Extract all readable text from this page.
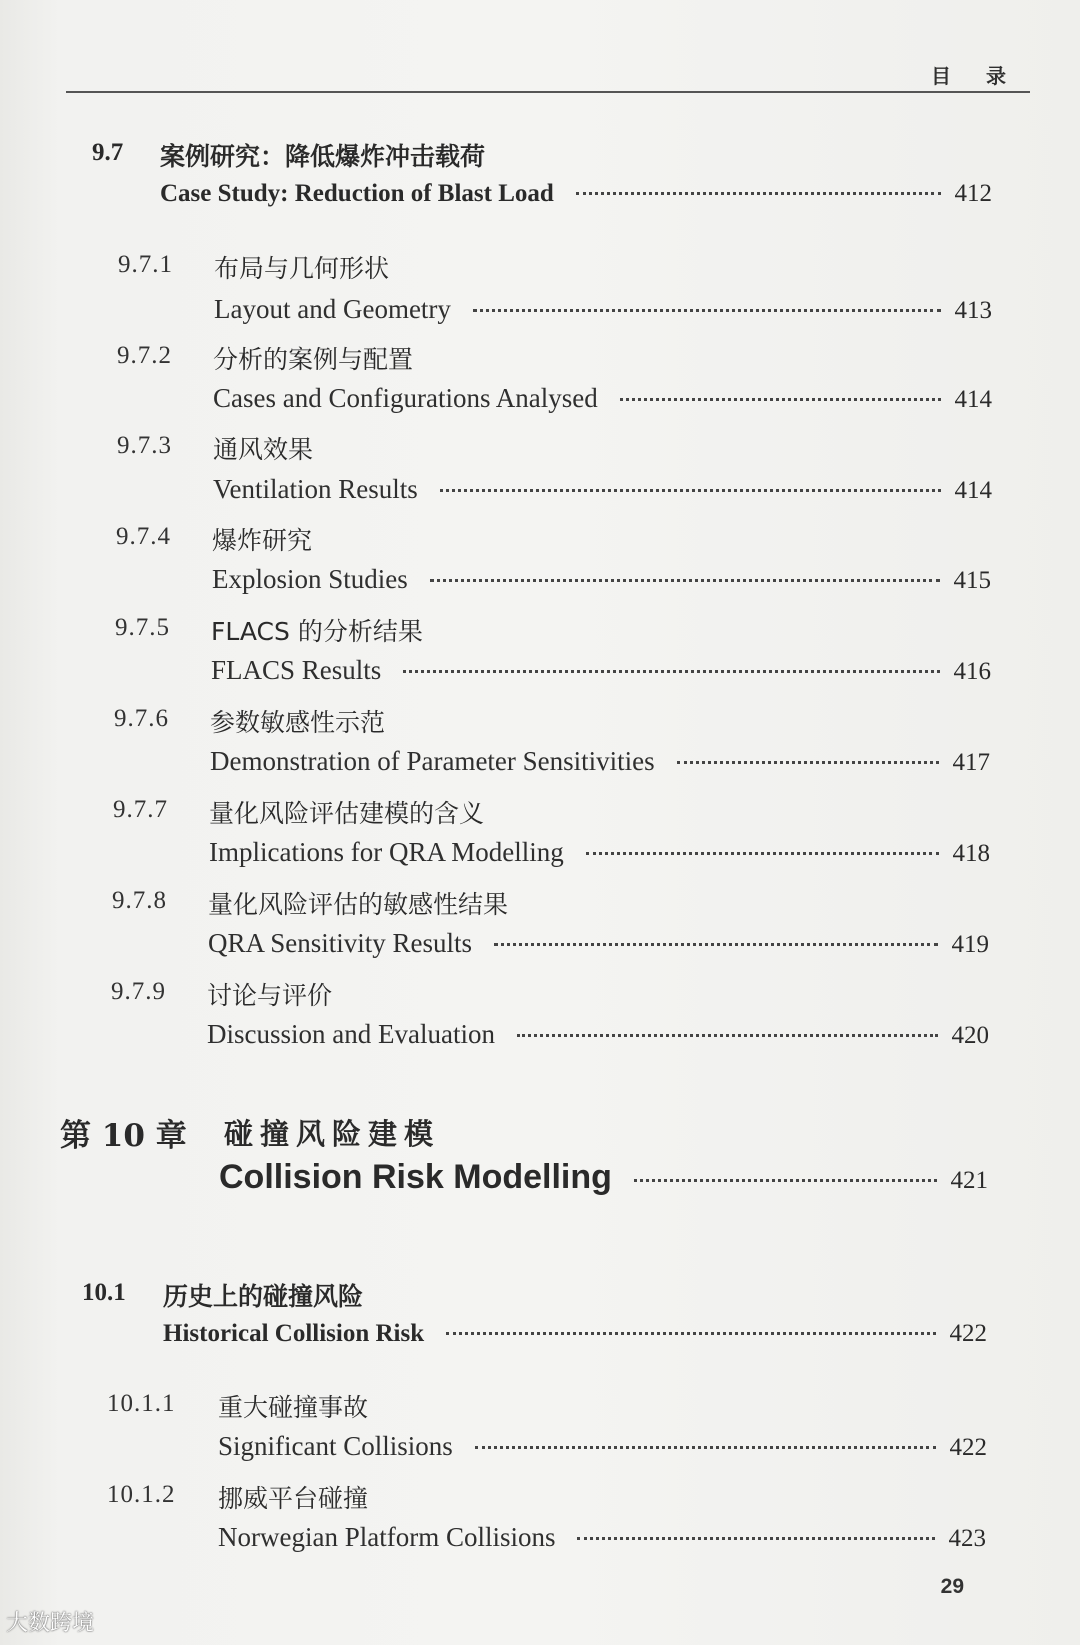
目 录
9.7 案例研究：降低爆炸冲击载荷
Case Study: Reduction of Blast Load	412
9.7.1 布局与几何形状
Layout and Geometry	413
9.7.2 分析的案例与配置
Cases and Configurations Analysed	414
9.7.3 通风效果
Ventilation Results	414
9.7.4 爆炸研究
Explosion Studies	415
9.7.5 FLACS 的分析结果
FLACS Results	416
9.7.6 参数敏感性示范
Demonstration of Parameter Sensitivities	417
9.7.7 量化风险评估建模的含义
Implications for QRA Modelling	418
9.7.8 量化风险评估的敏感性结果
QRA Sensitivity Results	419
9.7.9 讨论与评价
Discussion and Evaluation	420
第 10 章 碰撞风险建模
Collision Risk Modelling	421
10.1 历史上的碰撞风险
Historical Collision Risk	422
10.1.1 重大碰撞事故
Significant Collisions	422
10.1.2 挪威平台碰撞
Norwegian Platform Collisions	423
29
大数跨境
